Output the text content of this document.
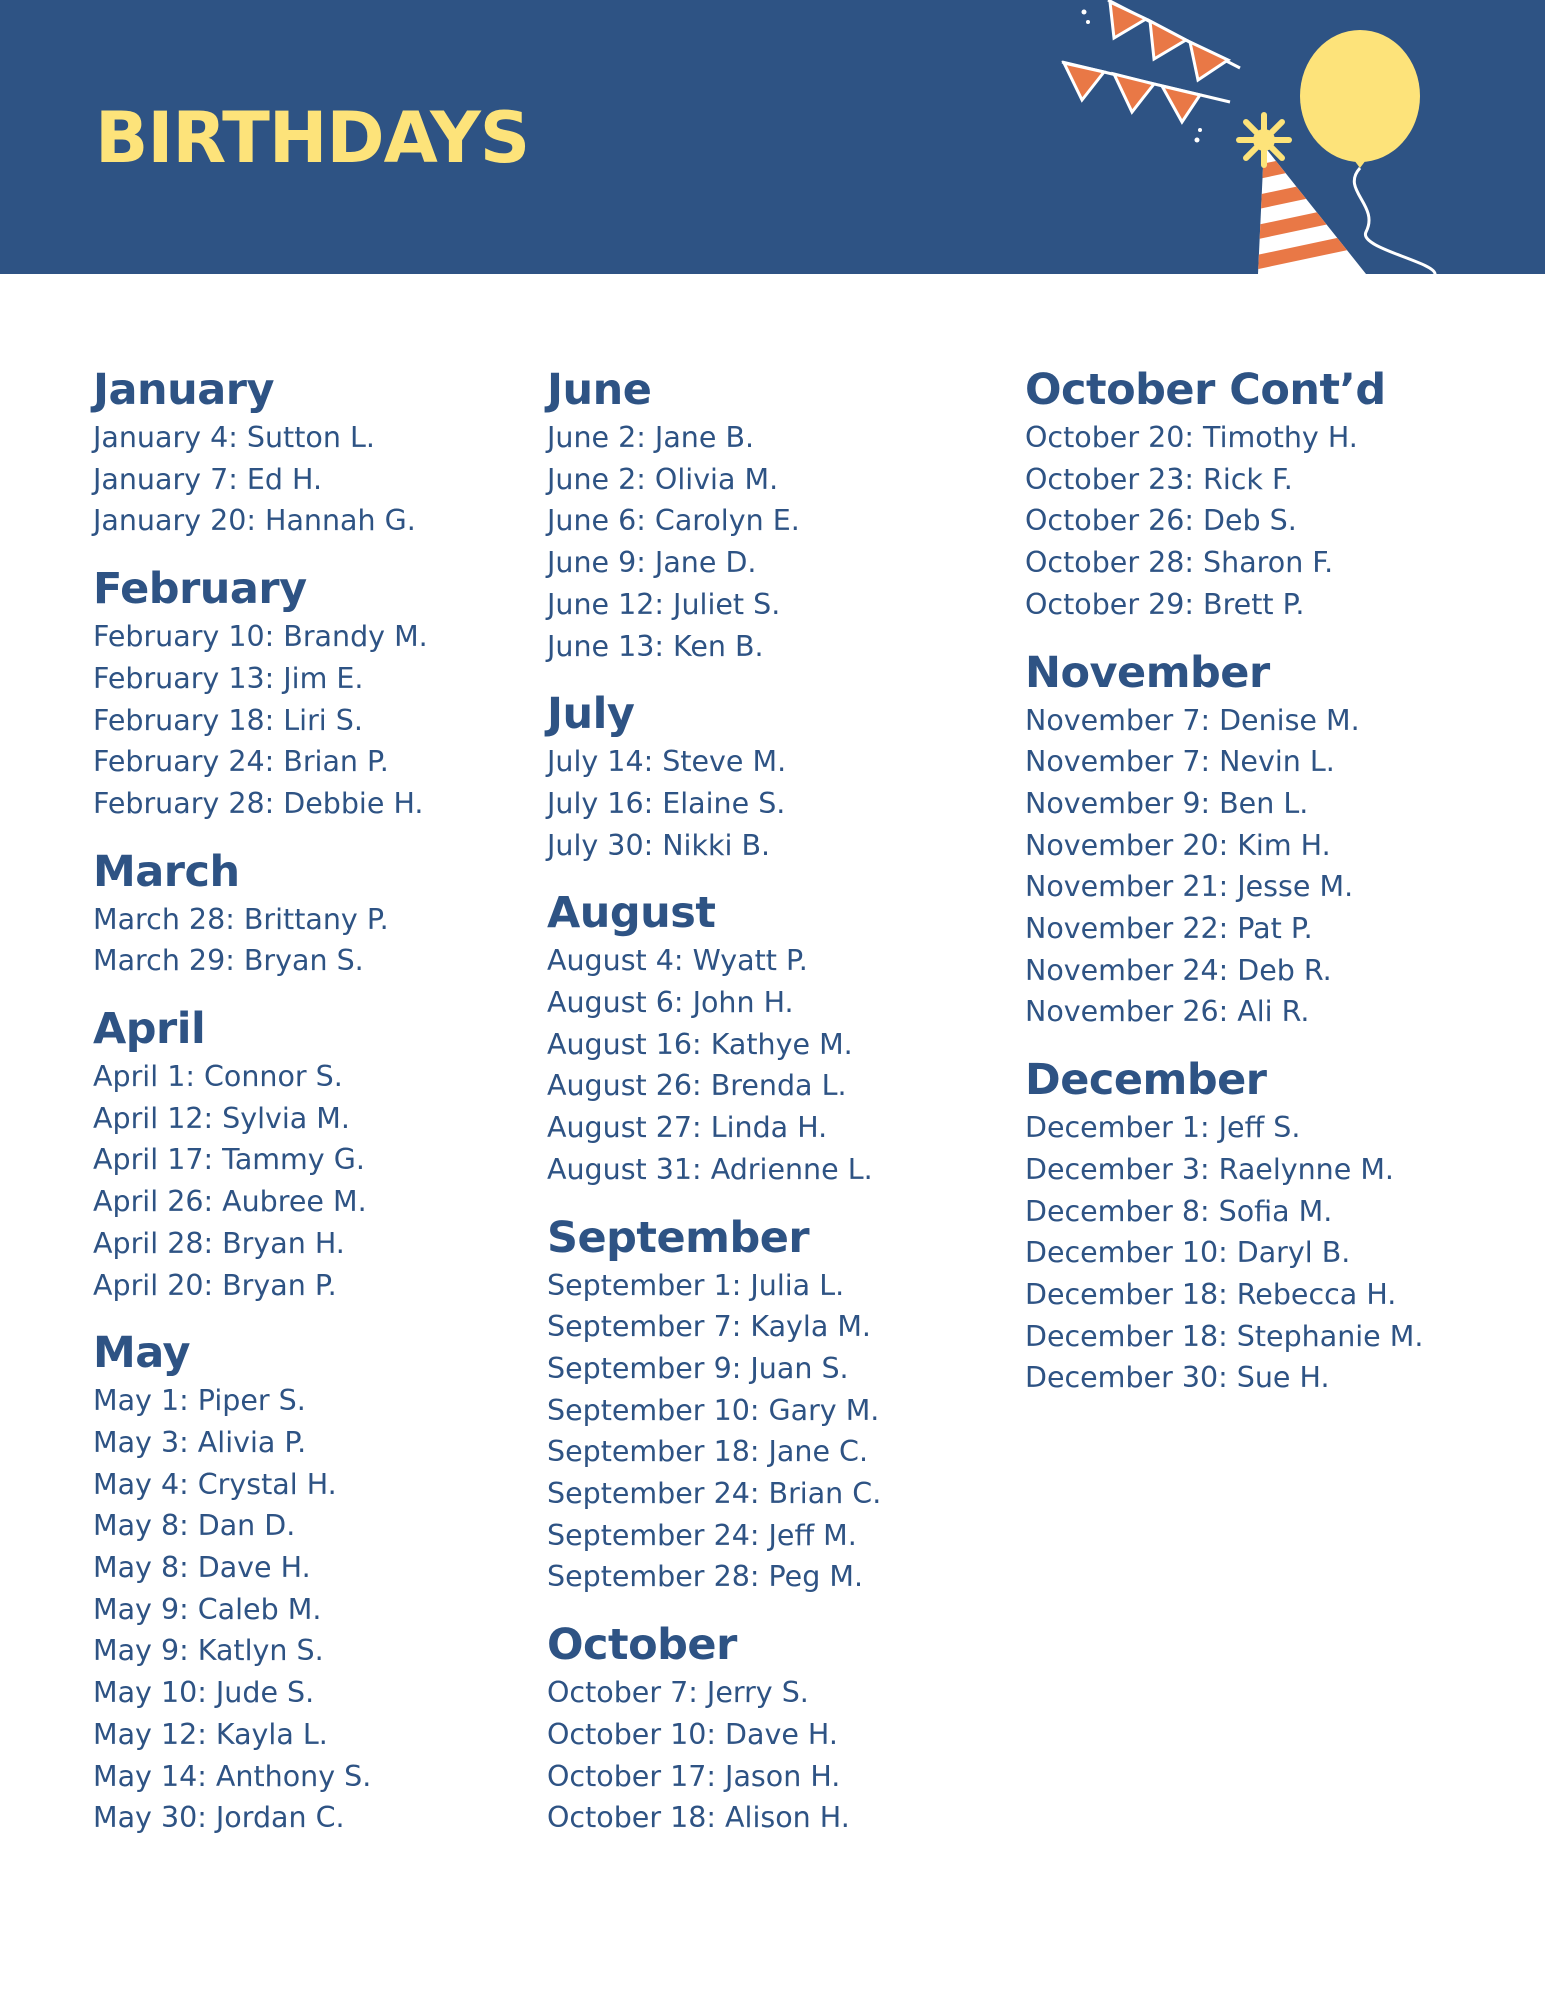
BIRTHDAYS
January
January 4: Sutton L.
January 7: Ed H.
January 20: Hannah G.
February
February 10: Brandy M.
February 13: Jim E.
February 18: Liri S.
February 24: Brian P.
February 28: Debbie H.
March
March 28: Brittany P.
March 29: Bryan S.
April
April 1: Connor S.
April 12: Sylvia M.
April 17: Tammy G.
April 26: Aubree M.
April 28: Bryan H.
April 20: Bryan P.
May
May 1: Piper S.
May 3: Alivia P.
May 4: Crystal H.
May 8: Dan D.
May 8: Dave H.
May 9: Caleb M.
May 9: Katlyn S.
May 10: Jude S.
May 12: Kayla L.
May 14: Anthony S.
May 30: Jordan C.
June
June 2: Jane B.
June 2: Olivia M.
June 6: Carolyn E.
June 9: Jane D.
June 12: Juliet S.
June 13: Ken B.
July
July 14: Steve M.
July 16: Elaine S.
July 30: Nikki B.
August
August 4: Wyatt P.
August 6: John H.
August 16: Kathye M.
August 26: Brenda L.
August 27: Linda H.
August 31: Adrienne L.
September
September 1: Julia L.
September 7: Kayla M.
September 9: Juan S.
September 10: Gary M.
September 18: Jane C.
September 24: Brian C.
September 24: Jeff M.
September 28: Peg M.
October
October 7: Jerry S.
October 10: Dave H.
October 17: Jason H.
October 18: Alison H.
October Cont’d
October 20: Timothy H.
October 23: Rick F.
October 26: Deb S.
October 28: Sharon F.
October 29: Brett P.
November
November 7: Denise M.
November 7: Nevin L.
November 9: Ben L.
November 20: Kim H.
November 21: Jesse M.
November 22: Pat P.
November 24: Deb R.
November 26: Ali R.
December
December 1: Jeff S.
December 3: Raelynne M.
December 8: Sofia M.
December 10: Daryl B.
December 18: Rebecca H.
December 18: Stephanie M.
December 30: Sue H.
